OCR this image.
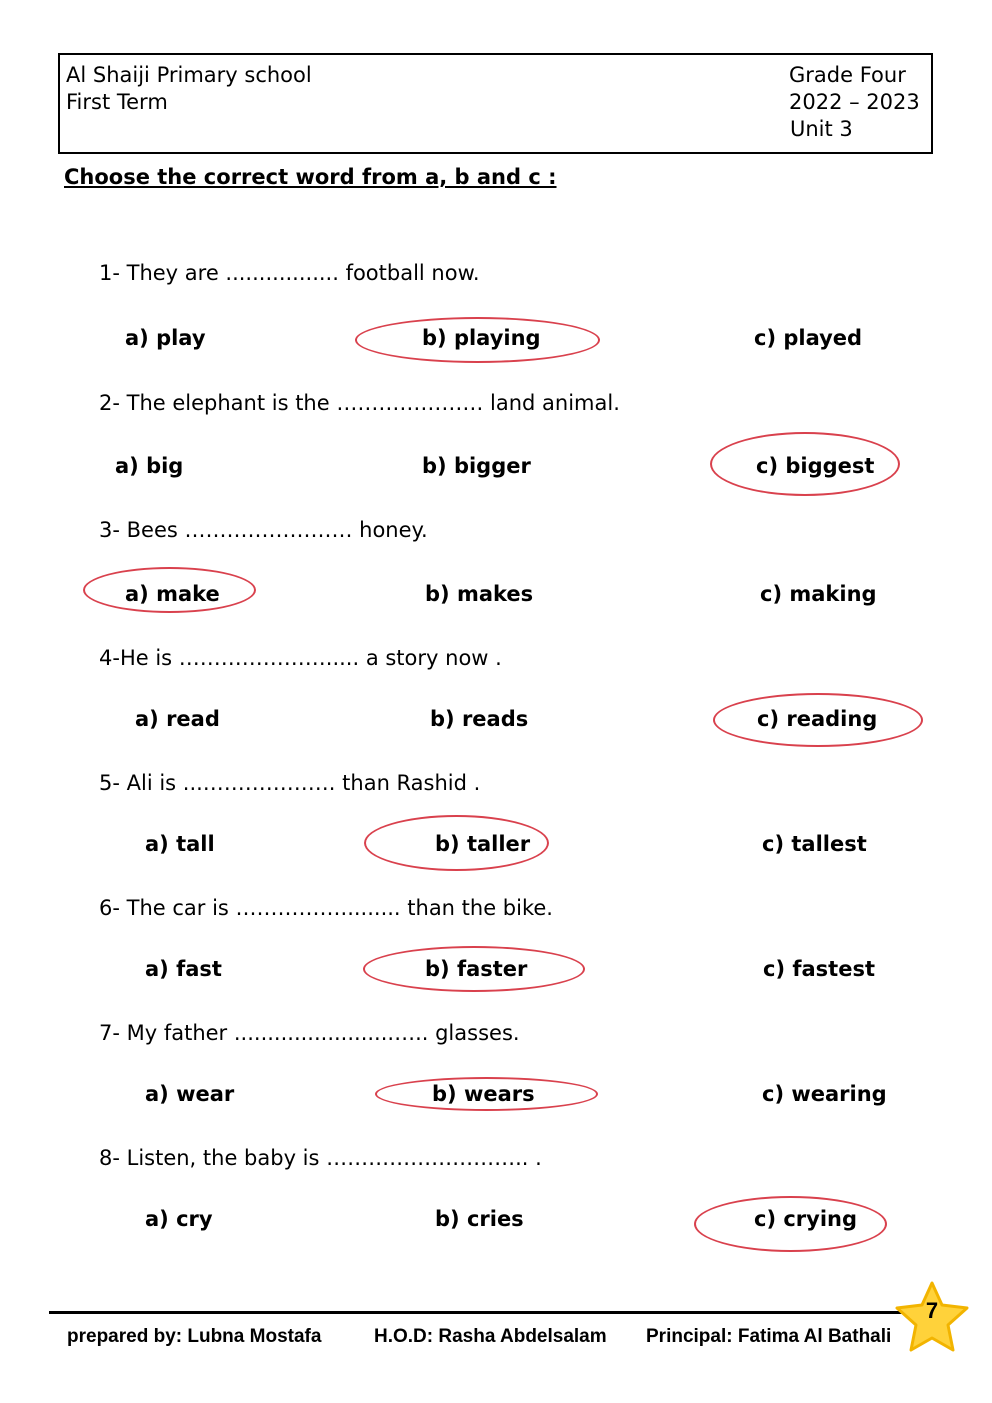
Al Shaiji Primary school
First Term
Grade Four
2022 – 2023
Unit 3
Choose the correct word from a, b and c :
1- They are ................. football now.
a) play	b) playing	c) played
2- The elephant is the ………………… land animal.
a) big	b) bigger	c) biggest
3- Bees …………………… honey.
a) make	b) makes	c) making
4-He is …………………..... a story now .
a) read	b) reads	c) reading
5- Ali is ...………………. than Rashid .
a) tall	b) taller	c) tallest
6- The car is ……………......... than the bike.
a) fast	b) faster	c) fastest
7- My father ........................….. glasses.
a) wear	b) wears	c) wearing
8- Listen, the baby is ……………………….. .
a) cry	b) cries	c) crying
prepared by: Lubna Mostafa	H.O.D: Rasha Abdelsalam Principal: Fatima Al Bathali
7
